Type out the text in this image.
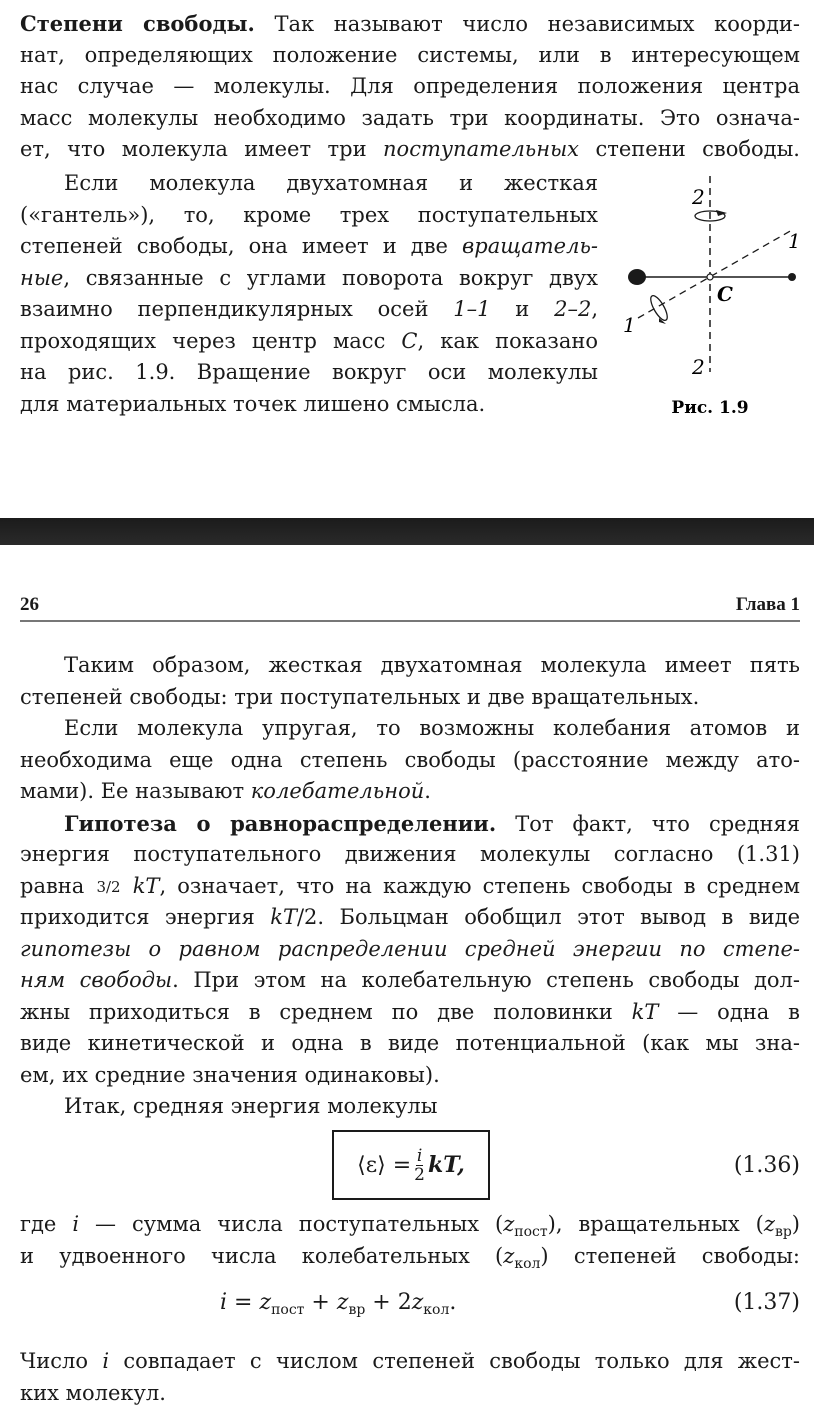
Степени свободы. Так называют число независимых коорди-
нат, определяющих положение системы, или в интересующем
нас случае — молекулы. Для определения положения центра
масс молекулы необходимо задать три координаты. Это означа-
ет, что молекула имеет три поступательных степени свободы.
Если молекула двухатомная и жесткая
(«гантель»), то, кроме трех поступательных
степеней свободы, она имеет и две вращатель-
ные, связанные с углами поворота вокруг двух
взаимно перпендикулярных осей 1–1 и 2–2,
проходящих через центр масс C, как показано
на рис. 1.9. Вращение вокруг оси молекулы
для материальных точек лишено смысла.
2
2
1
1
C
Рис. 1.9
26	Глава 1
Таким образом, жесткая двухатомная молекула имеет пять
степеней свободы: три поступательных и две вращательных.
Если молекула упругая, то возможны колебания атомов и
необходима еще одна степень свободы (расстояние между ато-
мами). Ее называют колебательной.
Гипотеза о равнораспределении. Тот факт, что средняя
энергия поступательного движения молекулы согласно (1.31)
равна 3/2 kT, означает, что на каждую степень свободы в среднем
приходится энергия kT/2. Больцман обобщил этот вывод в виде
гипотезы о равном распределении средней энергии по степе-
ням свободы. При этом на колебательную степень свободы дол-
жны приходиться в среднем по две половинки kT — одна в
виде кинетической и одна в виде потенциальной (как мы зна-
ем, их средние значения одинаковы).
Итак, средняя энергия молекулы
⟨ε⟩ = $\frac{i}{2}$ kT,	(1.36)
где i — сумма числа поступательных $(z_{пост})$, вращательных $(z_{вр})$
и удвоенного числа колебательных $(z_{кол})$ степеней свободы:
$i = z_{пост} + z_{вр} + 2z_{кол}$.	(1.37)
Число i совпадает с числом степеней свободы только для жест-
ких молекул.
